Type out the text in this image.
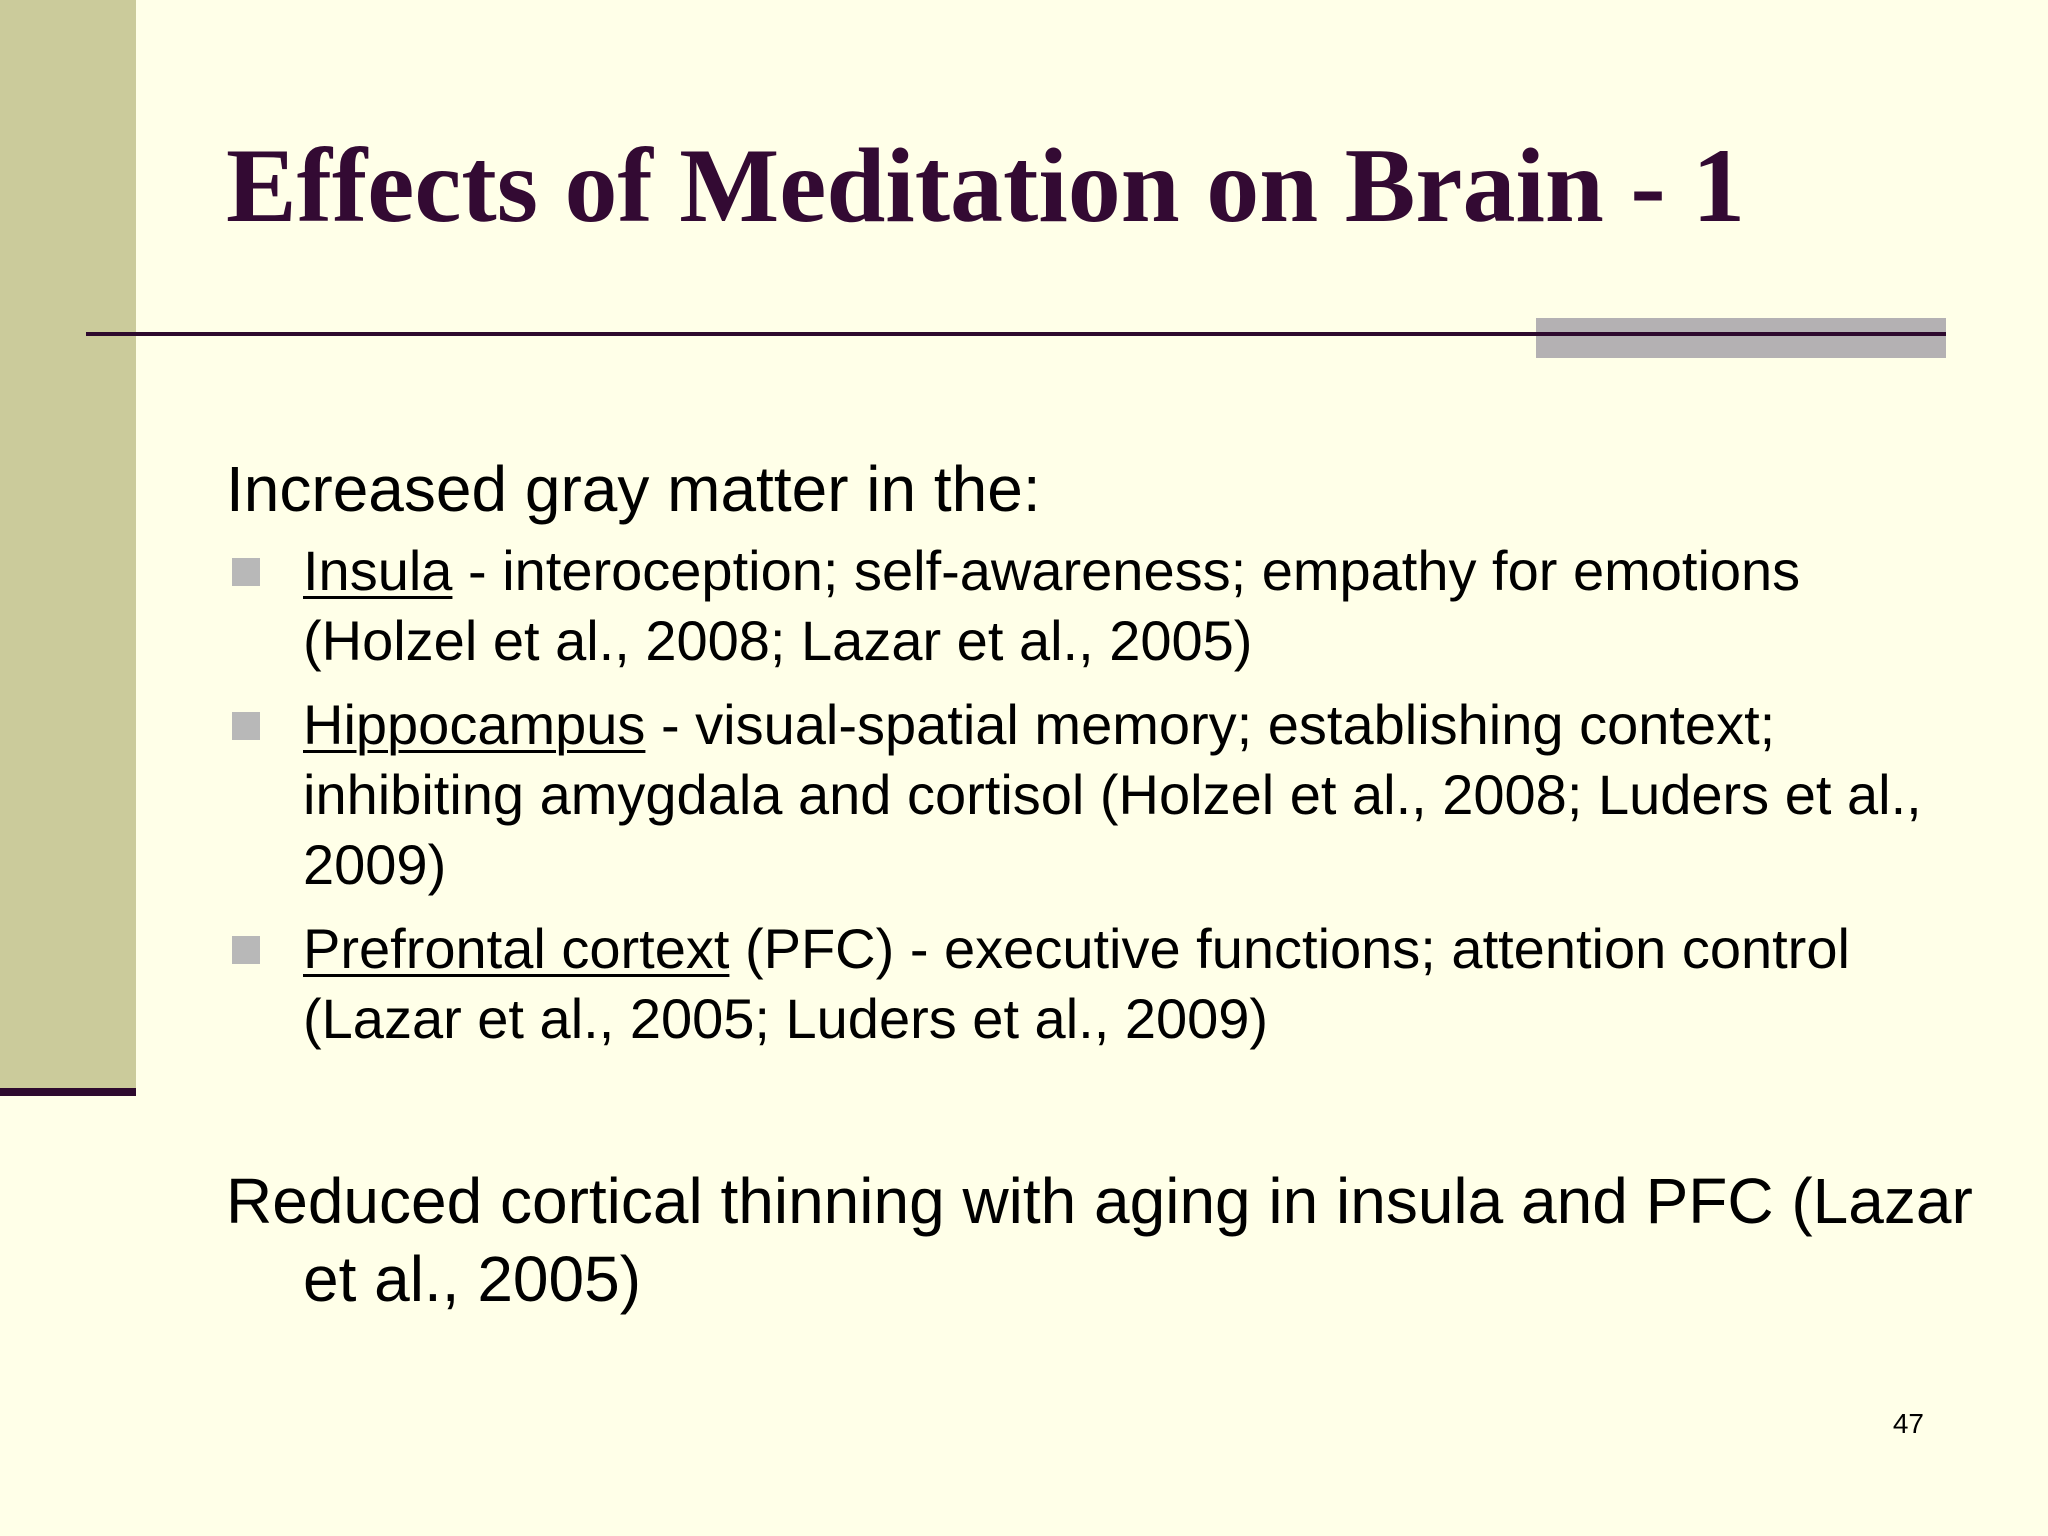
Effects of Meditation on Brain - 1

Increased gray matter in the:

Insula - interoception; self-awareness; empathy for emotions (Holzel et al., 2008; Lazar et al., 2005)
Hippocampus - visual-spatial memory; establishing context; inhibiting amygdala and cortisol (Holzel et al., 2008; Luders et al., 2009)
Prefrontal cortext (PFC) - executive functions; attention control (Lazar et al., 2005; Luders et al., 2009)

Reduced cortical thinning with aging in insula and PFC (Lazar et al., 2005)

47
